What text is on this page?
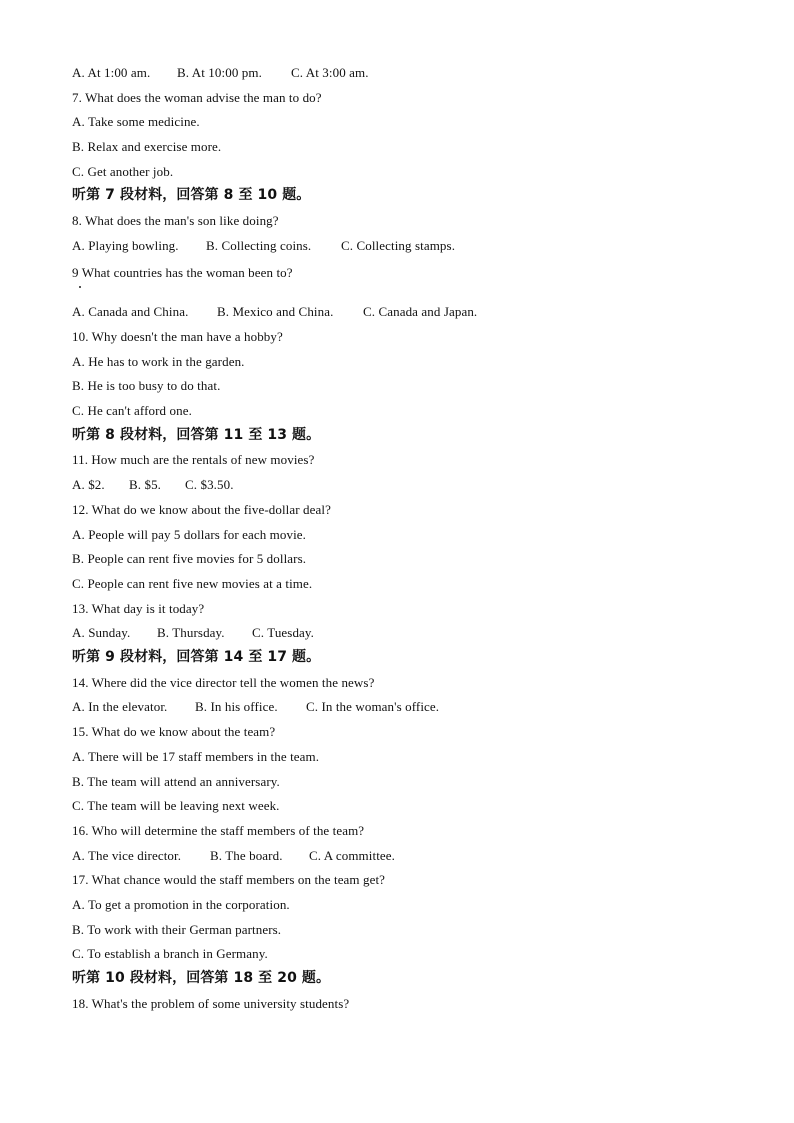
A. At 1:00 am. B. At 10:00 pm. C. At 3:00 am.
7. What does the woman advise the man to do?
A. Take some medicine.
B. Relax and exercise more.
C. Get another job.
听第 7 段材料，回答第 8 至 10 题。
8. What does the man's son like doing?
A. Playing bowling. B. Collecting coins. C. Collecting stamps.
9 What countries has the woman been to?
A. Canada and China. B. Mexico and China. C. Canada and Japan.
10. Why doesn't the man have a hobby?
A. He has to work in the garden.
B. He is too busy to do that.
C. He can't afford one.
听第 8 段材料，回答第 11 至 13 题。
11. How much are the rentals of new movies?
A. $2. B. $5. C. $3.50.
12. What do we know about the five-dollar deal?
A. People will pay 5 dollars for each movie.
B. People can rent five movies for 5 dollars.
C. People can rent five new movies at a time.
13. What day is it today?
A. Sunday. B. Thursday. C. Tuesday.
听第 9 段材料，回答第 14 至 17 题。
14. Where did the vice director tell the women the news?
A. In the elevator. B. In his office. C. In the woman's office.
15. What do we know about the team?
A. There will be 17 staff members in the team.
B. The team will attend an anniversary.
C. The team will be leaving next week.
16. Who will determine the staff members of the team?
A. The vice director. B. The board. C. A committee.
17. What chance would the staff members on the team get?
A. To get a promotion in the corporation.
B. To work with their German partners.
C. To establish a branch in Germany.
听第 10 段材料，回答第 18 至 20 题。
18. What's the problem of some university students?
